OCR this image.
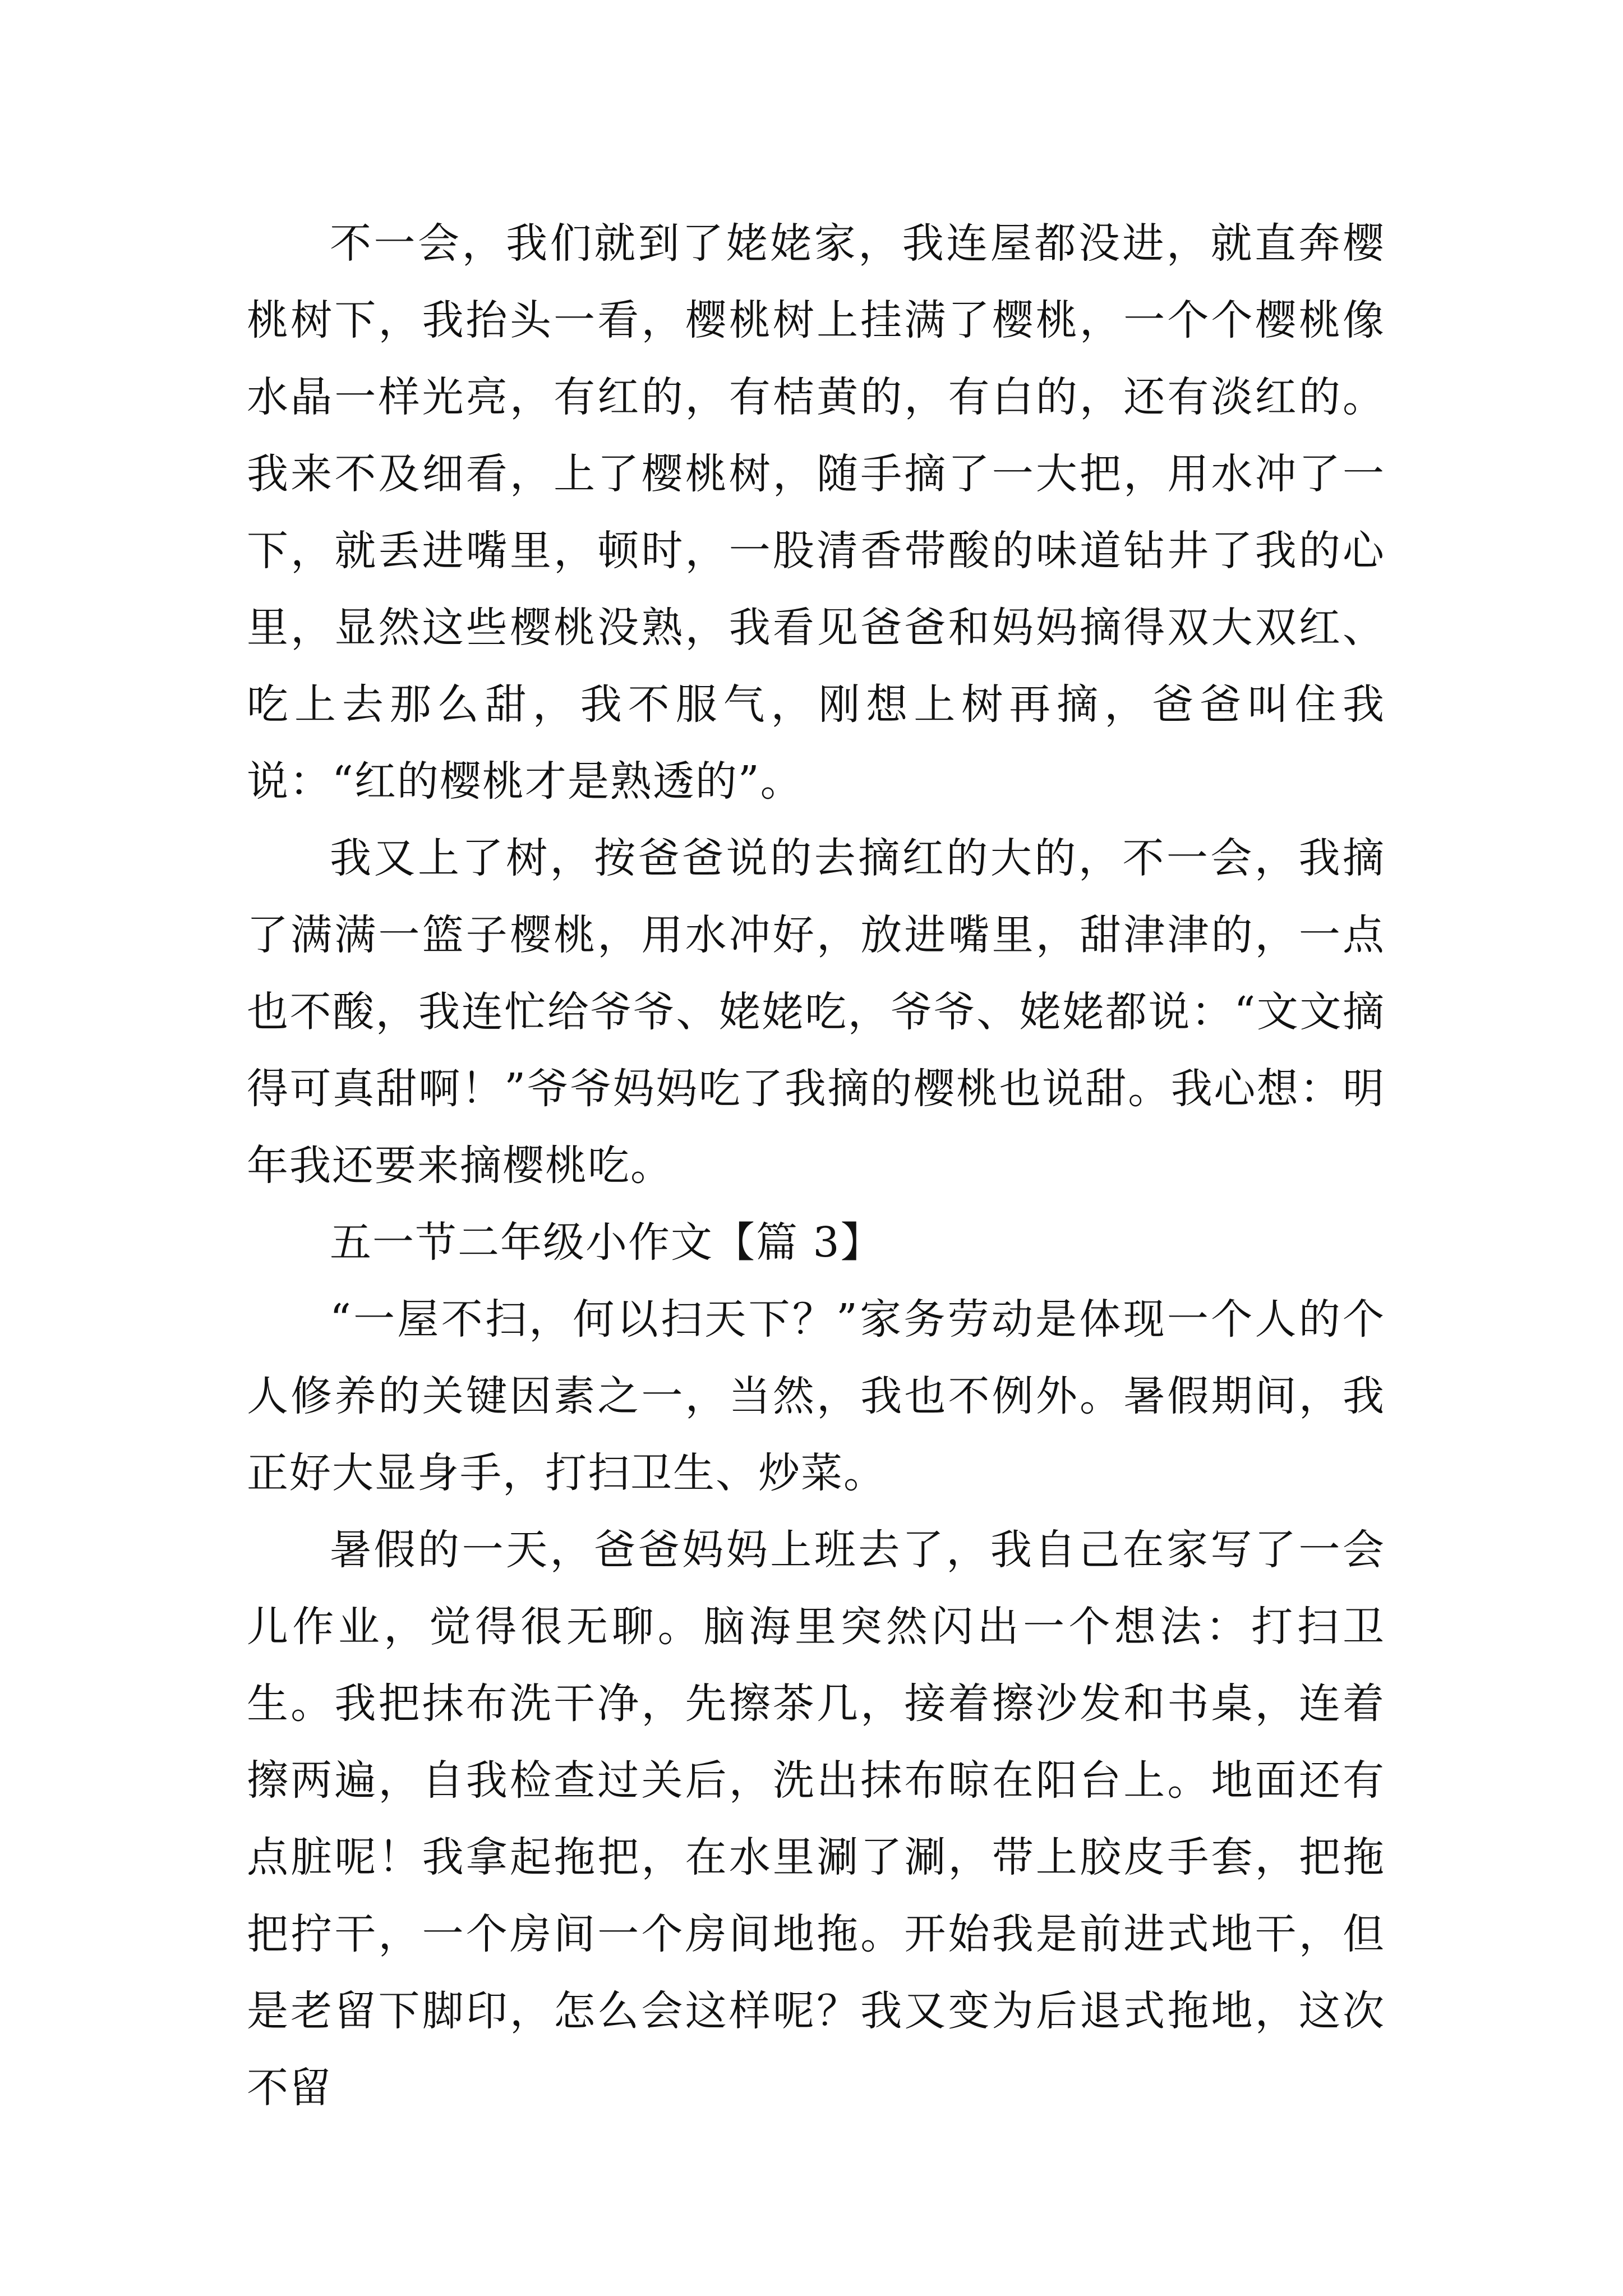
不一会，我们就到了姥姥家，我连屋都没进，就直奔樱桃树下，我抬头一看，樱桃树上挂满了樱桃，一个个樱桃像水晶一样光亮，有红的，有桔黄的，有白的，还有淡红的。我来不及细看，上了樱桃树，随手摘了一大把，用水冲了一下，就丢进嘴里，顿时，一股清香带酸的味道钻井了我的心里，显然这些樱桃没熟，我看见爸爸和妈妈摘得双大双红、吃上去那么甜，我不服气，刚想上树再摘，爸爸叫住我说：“红的樱桃才是熟透的”。

我又上了树，按爸爸说的去摘红的大的，不一会，我摘了满满一篮子樱桃，用水冲好，放进嘴里，甜津津的，一点也不酸，我连忙给爷爷、姥姥吃，爷爷、姥姥都说：“文文摘得可真甜啊！”爷爷妈妈吃了我摘的樱桃也说甜。我心想：明年我还要来摘樱桃吃。

五一节二年级小作文【篇 3】

“一屋不扫，何以扫天下？”家务劳动是体现一个人的个人修养的关键因素之一，当然，我也不例外。暑假期间，我正好大显身手，打扫卫生、炒菜。

暑假的一天，爸爸妈妈上班去了，我自己在家写了一会儿作业，觉得很无聊。脑海里突然闪出一个想法：打扫卫生。我把抹布洗干净，先擦茶几，接着擦沙发和书桌，连着擦两遍，自我检查过关后，洗出抹布晾在阳台上。地面还有点脏呢！我拿起拖把，在水里涮了涮，带上胶皮手套，把拖把拧干，一个房间一个房间地拖。开始我是前进式地干，但是老留下脚印，怎么会这样呢？我又变为后退式拖地，这次不留
